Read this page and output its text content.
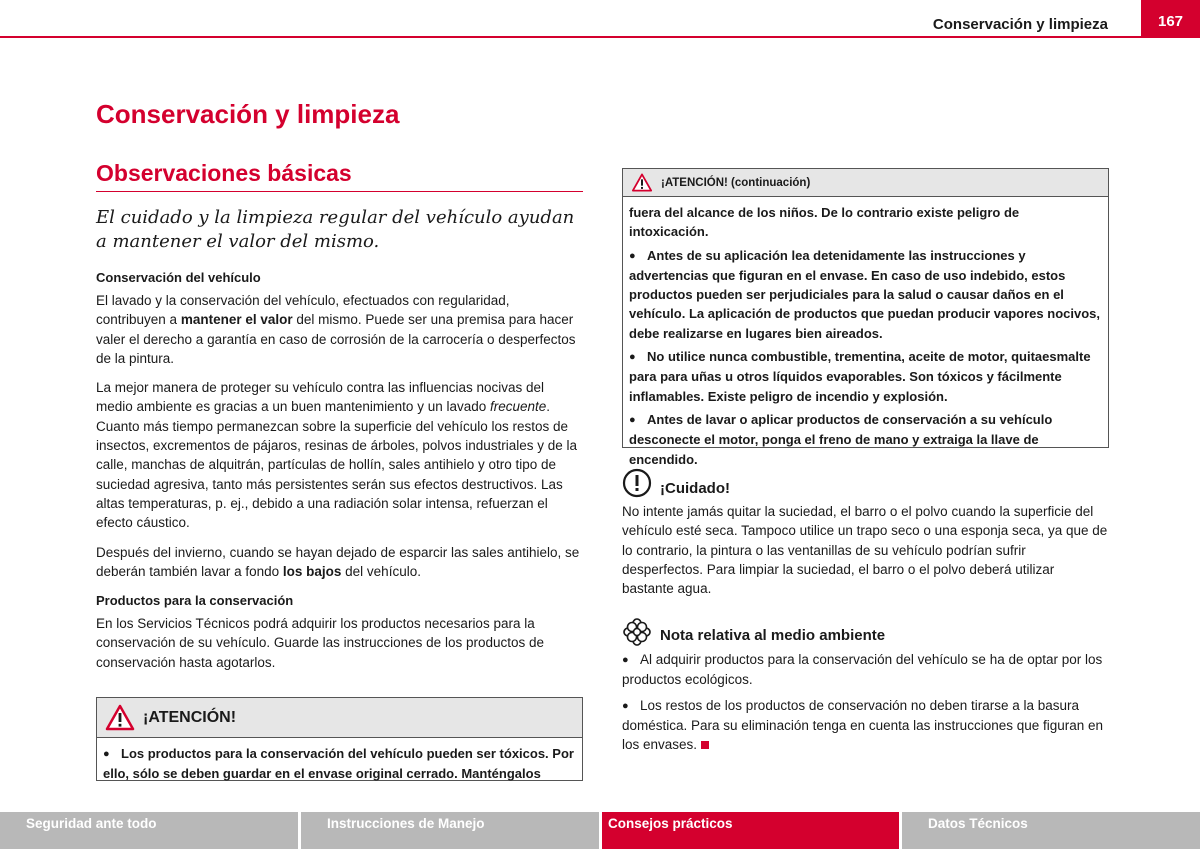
Conservación y limpieza	167
Conservación y limpieza
Observaciones básicas

El cuidado y la limpieza regular del vehículo ayudan a mantener el valor del mismo.

Conservación del vehículo

El lavado y la conservación del vehículo, efectuados con regularidad, contribuyen a mantener el valor del mismo. Puede ser una premisa para hacer valer el derecho a garantía en caso de corrosión de la carrocería o desperfectos de la pintura.

La mejor manera de proteger su vehículo contra las influencias nocivas del medio ambiente es gracias a un buen mantenimiento y un lavado frecuente. Cuanto más tiempo permanezcan sobre la superficie del vehículo los restos de insectos, excrementos de pájaros, resinas de árboles, polvos industriales y de la calle, manchas de alquitrán, partículas de hollín, sales antihielo y otro tipo de suciedad agresiva, tanto más persistentes serán sus efectos destructivos. Las altas temperaturas, p. ej., debido a una radiación solar intensa, refuerzan el efecto cáustico.

Después del invierno, cuando se hayan dejado de esparcir las sales antihielo, se deberán también lavar a fondo los bajos del vehículo.

Productos para la conservación

En los Servicios Técnicos podrá adquirir los productos necesarios para la conservación de su vehículo. Guarde las instrucciones de los productos de conservación hasta agotarlos.

¡ATENCIÓN!

● Los productos para la conservación del vehículo pueden ser tóxicos. Por ello, sólo se deben guardar en el envase original cerrado. Manténgalos

¡ATENCIÓN! (continuación)

fuera del alcance de los niños. De lo contrario existe peligro de intoxicación.

● Antes de su aplicación lea detenidamente las instrucciones y advertencias que figuran en el envase. En caso de uso indebido, estos productos pueden ser perjudiciales para la salud o causar daños en el vehículo. La aplicación de productos que puedan producir vapores nocivos, debe realizarse en lugares bien aireados.

● No utilice nunca combustible, trementina, aceite de motor, quitaesmalte para para uñas u otros líquidos evaporables. Son tóxicos y fácilmente inflamables. Existe peligro de incendio y explosión.

● Antes de lavar o aplicar productos de conservación a su vehículo desconecte el motor, ponga el freno de mano y extraiga la llave de encendido.

¡Cuidado!

No intente jamás quitar la suciedad, el barro o el polvo cuando la superficie del vehículo esté seca. Tampoco utilice un trapo seco o una esponja seca, ya que de lo contrario, la pintura o las ventanillas de su vehículo podrían sufrir desperfectos. Para limpiar la suciedad, el barro o el polvo deberá utilizar bastante agua.

Nota relativa al medio ambiente

● Al adquirir productos para la conservación del vehículo se ha de optar por los productos ecológicos.

● Los restos de los productos de conservación no deben tirarse a la basura doméstica. Para su eliminación tenga en cuenta las instrucciones que figuran en los envases.

Seguridad ante todo	Instrucciones de Manejo	Consejos prácticos	Datos Técnicos
